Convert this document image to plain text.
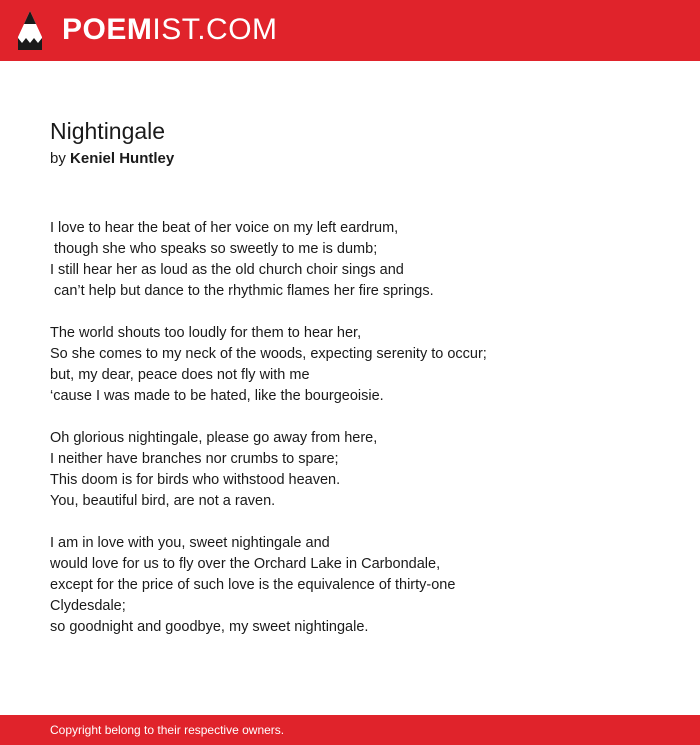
POEMIST.COM
Nightingale
by Keniel Huntley
I love to hear the beat of her voice on my left eardrum,
though she who speaks so sweetly to me is dumb;
I still hear her as loud as the old church choir sings and
can’t help but dance to the rhythmic flames her fire springs.
The world shouts too loudly for them to hear her,
So she comes to my neck of the woods, expecting serenity to occur;
but, my dear, peace does not fly with me
‘cause I was made to be hated, like the bourgeoisie.
Oh glorious nightingale, please go away from here,
I neither have branches nor crumbs to spare;
This doom is for birds who withstood heaven.
You, beautiful bird, are not a raven.
I am in love with you, sweet nightingale and
would love for us to fly over the Orchard Lake in Carbondale,
except for the price of such love is the equivalence of thirty-one
Clydesdale;
so goodnight and goodbye, my sweet nightingale.
Copyright belong to their respective owners.
